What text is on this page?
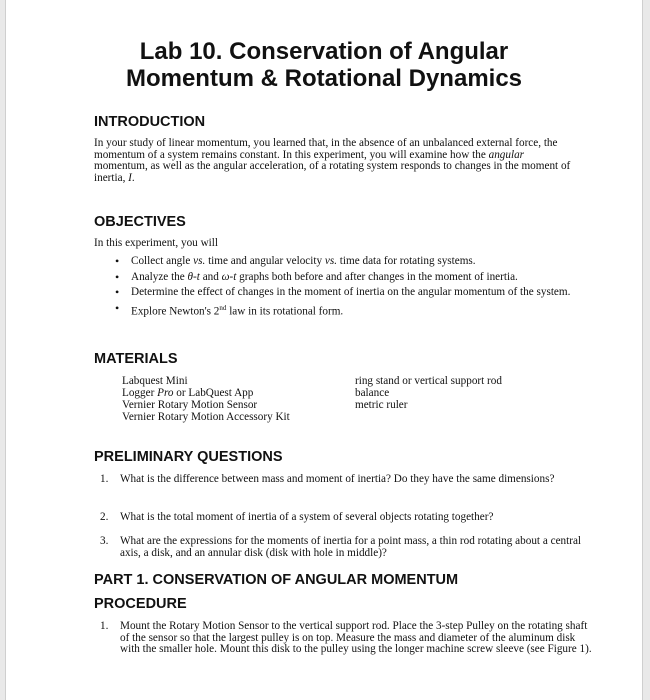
Lab 10. Conservation of Angular
Momentum & Rotational Dynamics
INTRODUCTION
In your study of linear momentum, you learned that, in the absence of an unbalanced external force, the momentum of a system remains constant. In this experiment, you will examine how the angular momentum, as well as the angular acceleration, of a rotating system responds to changes in the moment of inertia, I.
OBJECTIVES
In this experiment, you will
• Collect angle vs. time and angular velocity vs. time data for rotating systems.
• Analyze the θ-t and ω-t graphs both before and after changes in the moment of inertia.
• Determine the effect of changes in the moment of inertia on the angular momentum of the system.
• Explore Newton's 2nd law in its rotational form.
MATERIALS
Labquest Mini
Logger Pro or LabQuest App
Vernier Rotary Motion Sensor
Vernier Rotary Motion Accessory Kit
ring stand or vertical support rod
balance
metric ruler
PRELIMINARY QUESTIONS
1. What is the difference between mass and moment of inertia? Do they have the same dimensions?
2. What is the total moment of inertia of a system of several objects rotating together?
3. What are the expressions for the moments of inertia for a point mass, a thin rod rotating about a central axis, a disk, and an annular disk (disk with hole in middle)?
PART 1. CONSERVATION OF ANGULAR MOMENTUM
PROCEDURE
1. Mount the Rotary Motion Sensor to the vertical support rod. Place the 3-step Pulley on the rotating shaft of the sensor so that the largest pulley is on top. Measure the mass and diameter of the aluminum disk with the smaller hole. Mount this disk to the pulley using the longer machine screw sleeve (see Figure 1).
